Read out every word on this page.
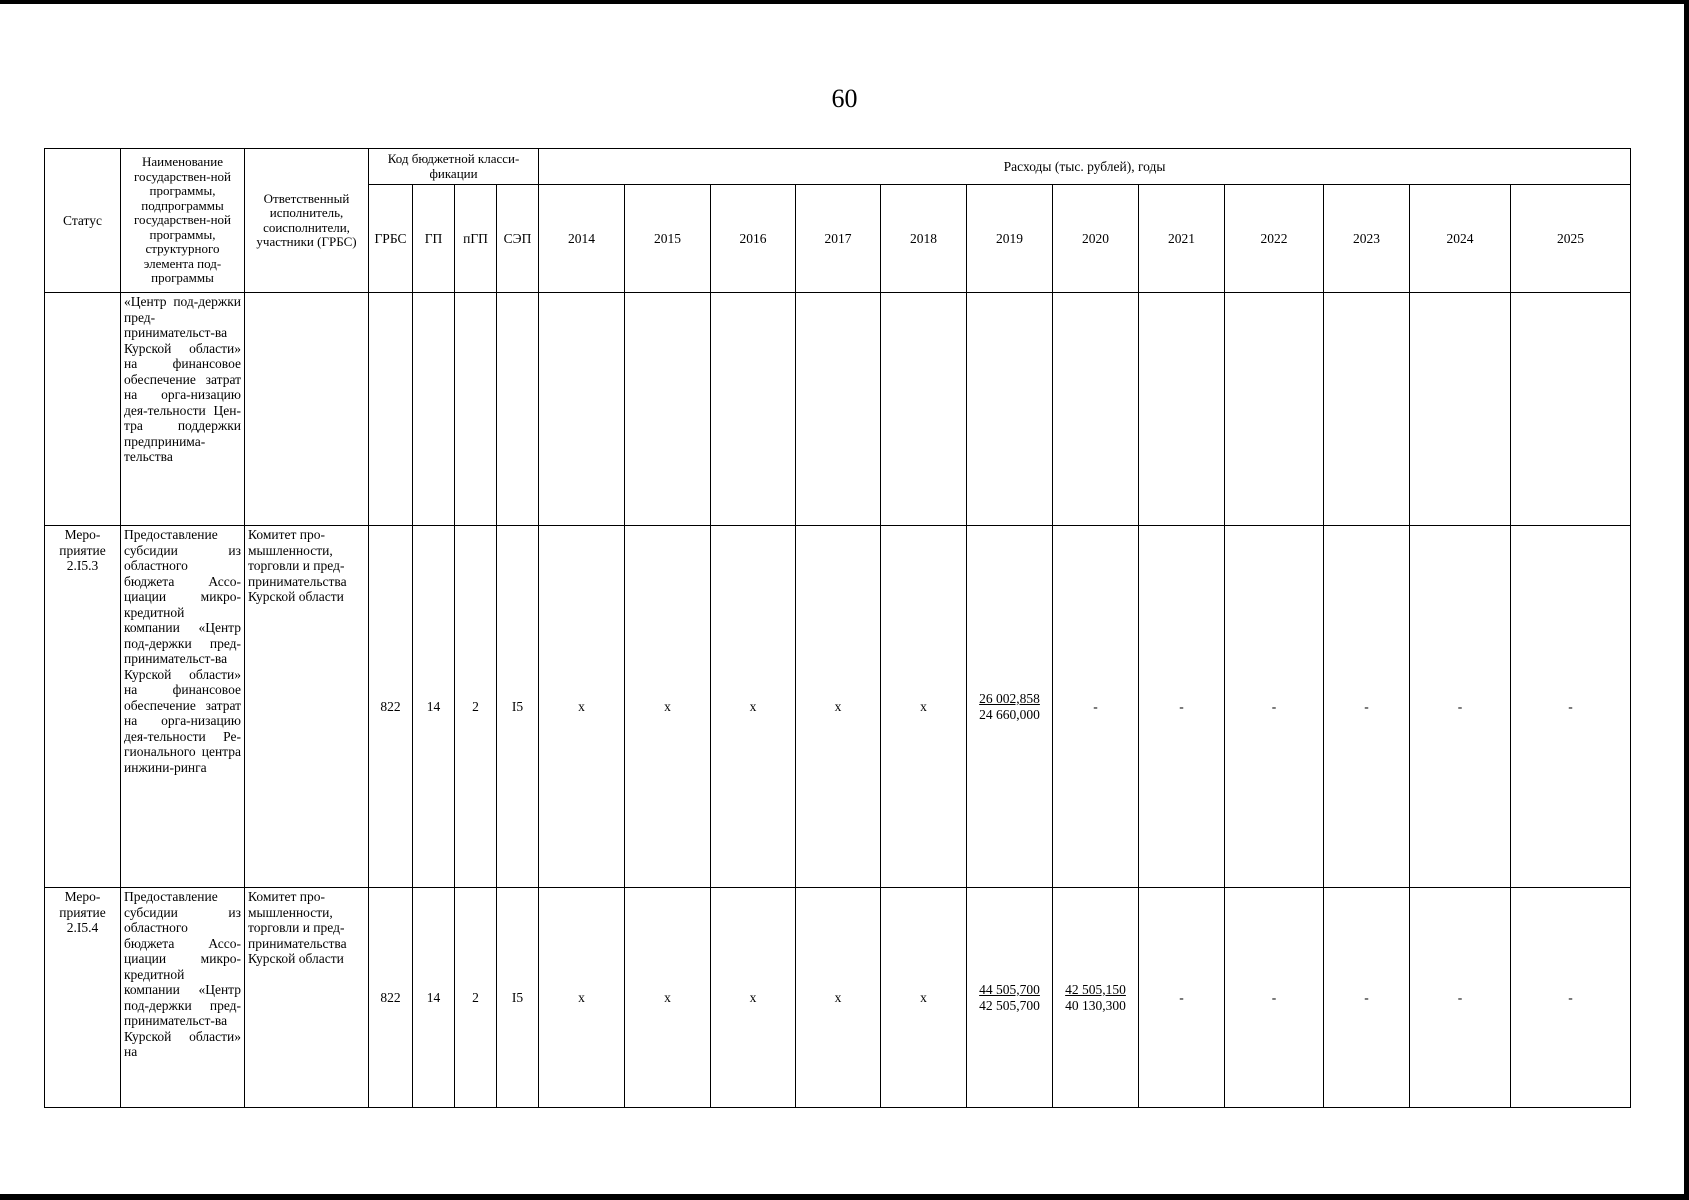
60
Статус	Наименование государствен-ной программы, подпрограммы государствен-ной программы, структурного элемента под-программы	Ответственный исполнитель, соисполнители, участники (ГРБС)	Код бюджетной класси-фикации				Расходы (тыс. рублей), годы											
			ГРБС	ГП	пГП	СЭП	2014	2015	2016	2017	2018	2019	2020	2021	2022	2023	2024	2025
	«Центр под-держки пред-принимательст-ва Курской области» на финансовое обеспечение затрат на орга-низацию дея-тельности Цен-тра поддержки предпринима-тельства																	
Меро-приятие 2.I5.3	Предоставление субсидии из областного бюджета Ассо-циации микро-кредитной компании «Центр под-держки пред-принимательст-ва Курской области» на финансовое обеспечение затрат на орга-низацию дея-тельности Ре-гионального центра инжини-ринга	Комитет про-мышленности, торговли и пред-принимательства Курской области	822	14	2	I5	x	x	x	x	x	$\frac{26 002,858}{24 660,000}$	-	-	-	-	-	-
Меро-приятие 2.I5.4	Предоставление субсидии из областного бюджета Ассо-циации микро-кредитной компании «Центр под-держки пред-принимательст-ва Курской области» на	Комитет про-мышленности, торговли и пред-принимательства Курской области	822	14	2	I5	x	x	x	x	x	$\frac{44 505,700}{42 505,700}$	$\frac{42 505,150}{40 130,300}$	-	-	-	-	-
